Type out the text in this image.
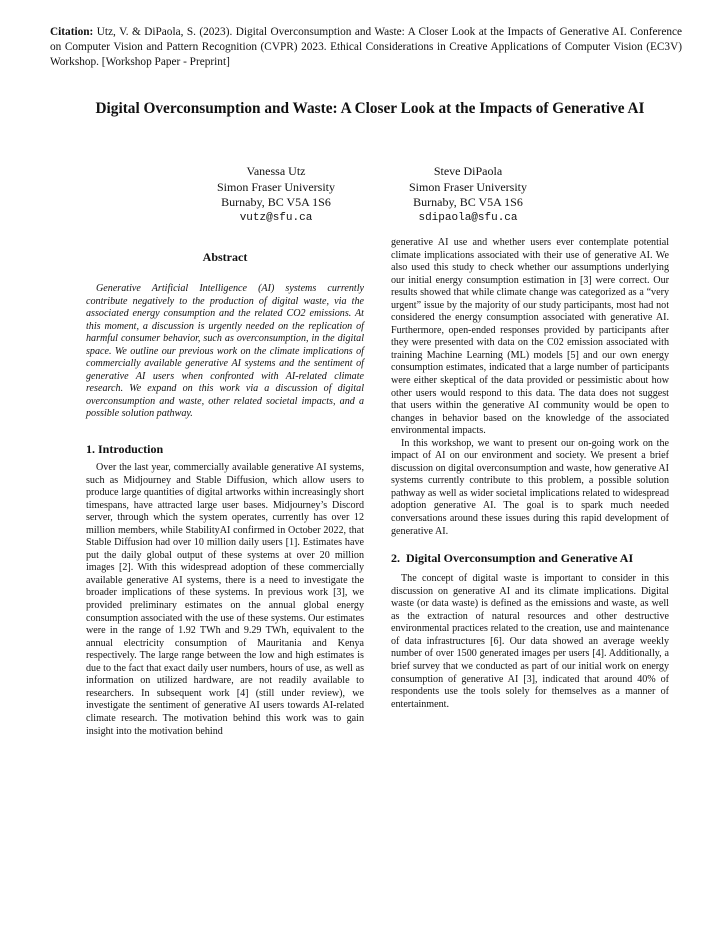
Citation: Utz, V. & DiPaola, S. (2023). Digital Overconsumption and Waste: A Closer Look at the Impacts of Generative AI. Conference on Computer Vision and Pattern Recognition (CVPR) 2023. Ethical Considerations in Creative Applications of Computer Vision (EC3V) Workshop. [Workshop Paper - Preprint]
Digital Overconsumption and Waste: A Closer Look at the Impacts of Generative AI
Vanessa Utz
Simon Fraser University
Burnaby, BC V5A 1S6
vutz@sfu.ca
Steve DiPaola
Simon Fraser University
Burnaby, BC V5A 1S6
sdipaola@sfu.ca
Abstract

Generative Artificial Intelligence (AI) systems currently contribute negatively to the production of digital waste, via the associated energy consumption and the related CO2 emissions. At this moment, a discussion is urgently needed on the replication of harmful consumer behavior, such as overconsumption, in the digital space. We outline our previous work on the climate implications of commercially available generative AI systems and the sentiment of generative AI users when confronted with AI-related climate research. We expand on this work via a discussion of digital overconsumption and waste, other related societal impacts, and a possible solution pathway.

1. Introduction

Over the last year, commercially available generative AI systems, such as Midjourney and Stable Diffusion, which allow users to produce large quantities of digital artworks within increasingly short timespans, have attracted large user bases. Midjourney’s Discord server, through which the system operates, currently has over 12 million members, while StabilityAI confirmed in October 2022, that Stable Diffusion had over 10 million daily users [1]. Estimates have put the daily global output of these systems at over 20 million images [2]. With this widespread adoption of these commercially available generative AI systems, there is a need to investigate the broader implications of these systems. In previous work [3], we provided preliminary estimates on the annual global energy consumption associated with the use of these systems. Our estimates were in the range of 1.92 TWh and 9.29 TWh, equivalent to the annual electricity consumption of Mauritania and Kenya respectively. The large range between the low and high estimates is due to the fact that exact daily user numbers, hours of use, as well as information on utilized hardware, are not readily available to researchers. In subsequent work [4] (still under review), we investigate the sentiment of generative AI users towards AI-related climate research. The motivation behind this work was to gain insight into the motivation behind

generative AI use and whether users ever contemplate potential climate implications associated with their use of generative AI. We also used this study to check whether our assumptions underlying our initial energy consumption estimation in [3] were correct. Our results showed that while climate change was categorized as a “very urgent” issue by the majority of our study participants, most had not considered the energy consumption associated with generative AI. Furthermore, open-ended responses provided by participants after they were presented with data on the C02 emission associated with training Machine Learning (ML) models [5] and our own energy consumption estimates, indicated that a large number of participants were either skeptical of the data provided or pessimistic about how other users would respond to this data. The data does not suggest that users within the generative AI community would be open to changes in behavior based on the knowledge of the associated environmental impacts.

In this workshop, we want to present our on-going work on the impact of AI on our environment and society. We present a brief discussion on digital overconsumption and waste, how generative AI systems currently contribute to this problem, a possible solution pathway as well as wider societal implications related to widespread adoption generative AI. The goal is to spark much needed conversations around these issues during this rapid development of generative AI.

2. Digital Overconsumption and Generative AI

The concept of digital waste is important to consider in this discussion on generative AI and its climate implications. Digital waste (or data waste) is defined as the emissions and waste, as well as the extraction of natural resources and other destructive environmental practices related to the creation, use and maintenance of data infrastructures [6]. Our data showed an average weekly number of over 1500 generated images per users [4]. Additionally, a brief survey that we conducted as part of our initial work on energy consumption of generative AI [3], indicated that around 40% of respondents use the tools solely for themselves as a manner of entertainment.
